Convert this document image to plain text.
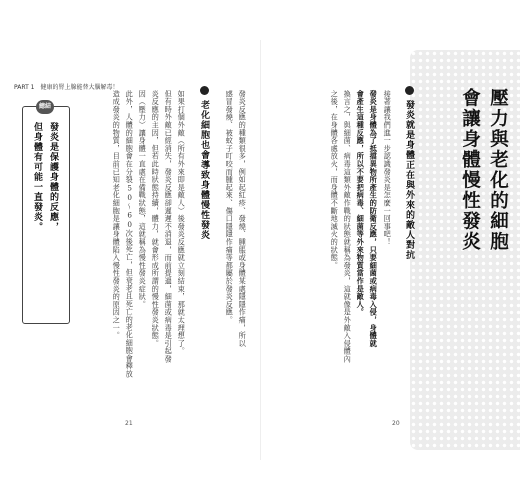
PART 1　健康的腎上腺能替大腦解毒！
壓力與老化的細胞
會讓身體慢性發炎
發炎就是身體正在與外來的敵人對抗
接著讓我們進一步認識發炎是怎麼一回事吧！
發炎是身體為了抵擋異物所產生的防衛反應，只要細菌或病毒入侵，身體就
會產生這種反應，所以不要把病毒、細菌等外來物質當作是敵人。
換言之，與細菌、病毒這類外敵作戰的狀態就稱為發炎，這就像是外敵入侵體內
之後，在身體各處放火，而身體不斷地滅火的狀態。
20
發炎反應的種類很多，例如起紅疹、發燒、腫脹或身體某處隱隱作痛，所以
感冒發燒、被蚊子叮咬而腫起來、傷口隱隱作痛等都屬於發炎反應。
老化細胞也會導致身體慢性發炎
如果打個外敵（所有外來即是敵人）後發炎反應就立刻結束，那就太理想了。
但有時外敵已經消失，發炎反應卻遲遲不消退，而前提過，細菌或病毒是引起發
炎反應的主因，但若此時狀態持續，體力，就會形成所謂的慢性發炎狀態。
因（壓力）讓身體一直處在備戰狀態，這就稱為慢性發炎症狀。
此外，人體的細胞會在分裂50～60次後死亡，但衰老且死亡的老化細胞會釋放
造成發炎的物質，目前已知老化細胞是讓身體陷入慢性發炎的原因之一。
總結
發炎是保護身體的反應，
但身體有可能一直發炎。
21
